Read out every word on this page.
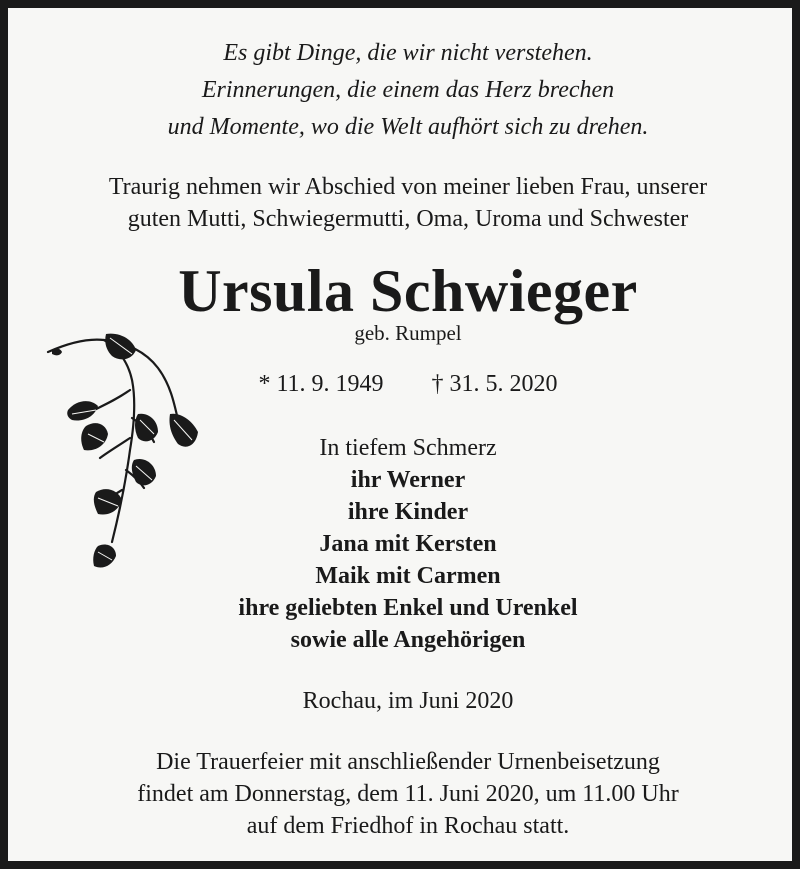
Es gibt Dinge, die wir nicht verstehen.
Erinnerungen, die einem das Herz brechen
und Momente, wo die Welt aufhört sich zu drehen.
Traurig nehmen wir Abschied von meiner lieben Frau, unserer
guten Mutti, Schwiegermutti, Oma, Uroma und Schwester
Ursula Schwieger
geb. Rumpel
* 11. 9. 1949 † 31. 5. 2020
In tiefem Schmerz
ihr Werner
ihre Kinder
Jana mit Kersten
Maik mit Carmen
ihre geliebten Enkel und Urenkel
sowie alle Angehörigen
Rochau, im Juni 2020
Die Trauerfeier mit anschließender Urnenbeisetzung
findet am Donnerstag, dem 11. Juni 2020, um 11.00 Uhr
auf dem Friedhof in Rochau statt.
